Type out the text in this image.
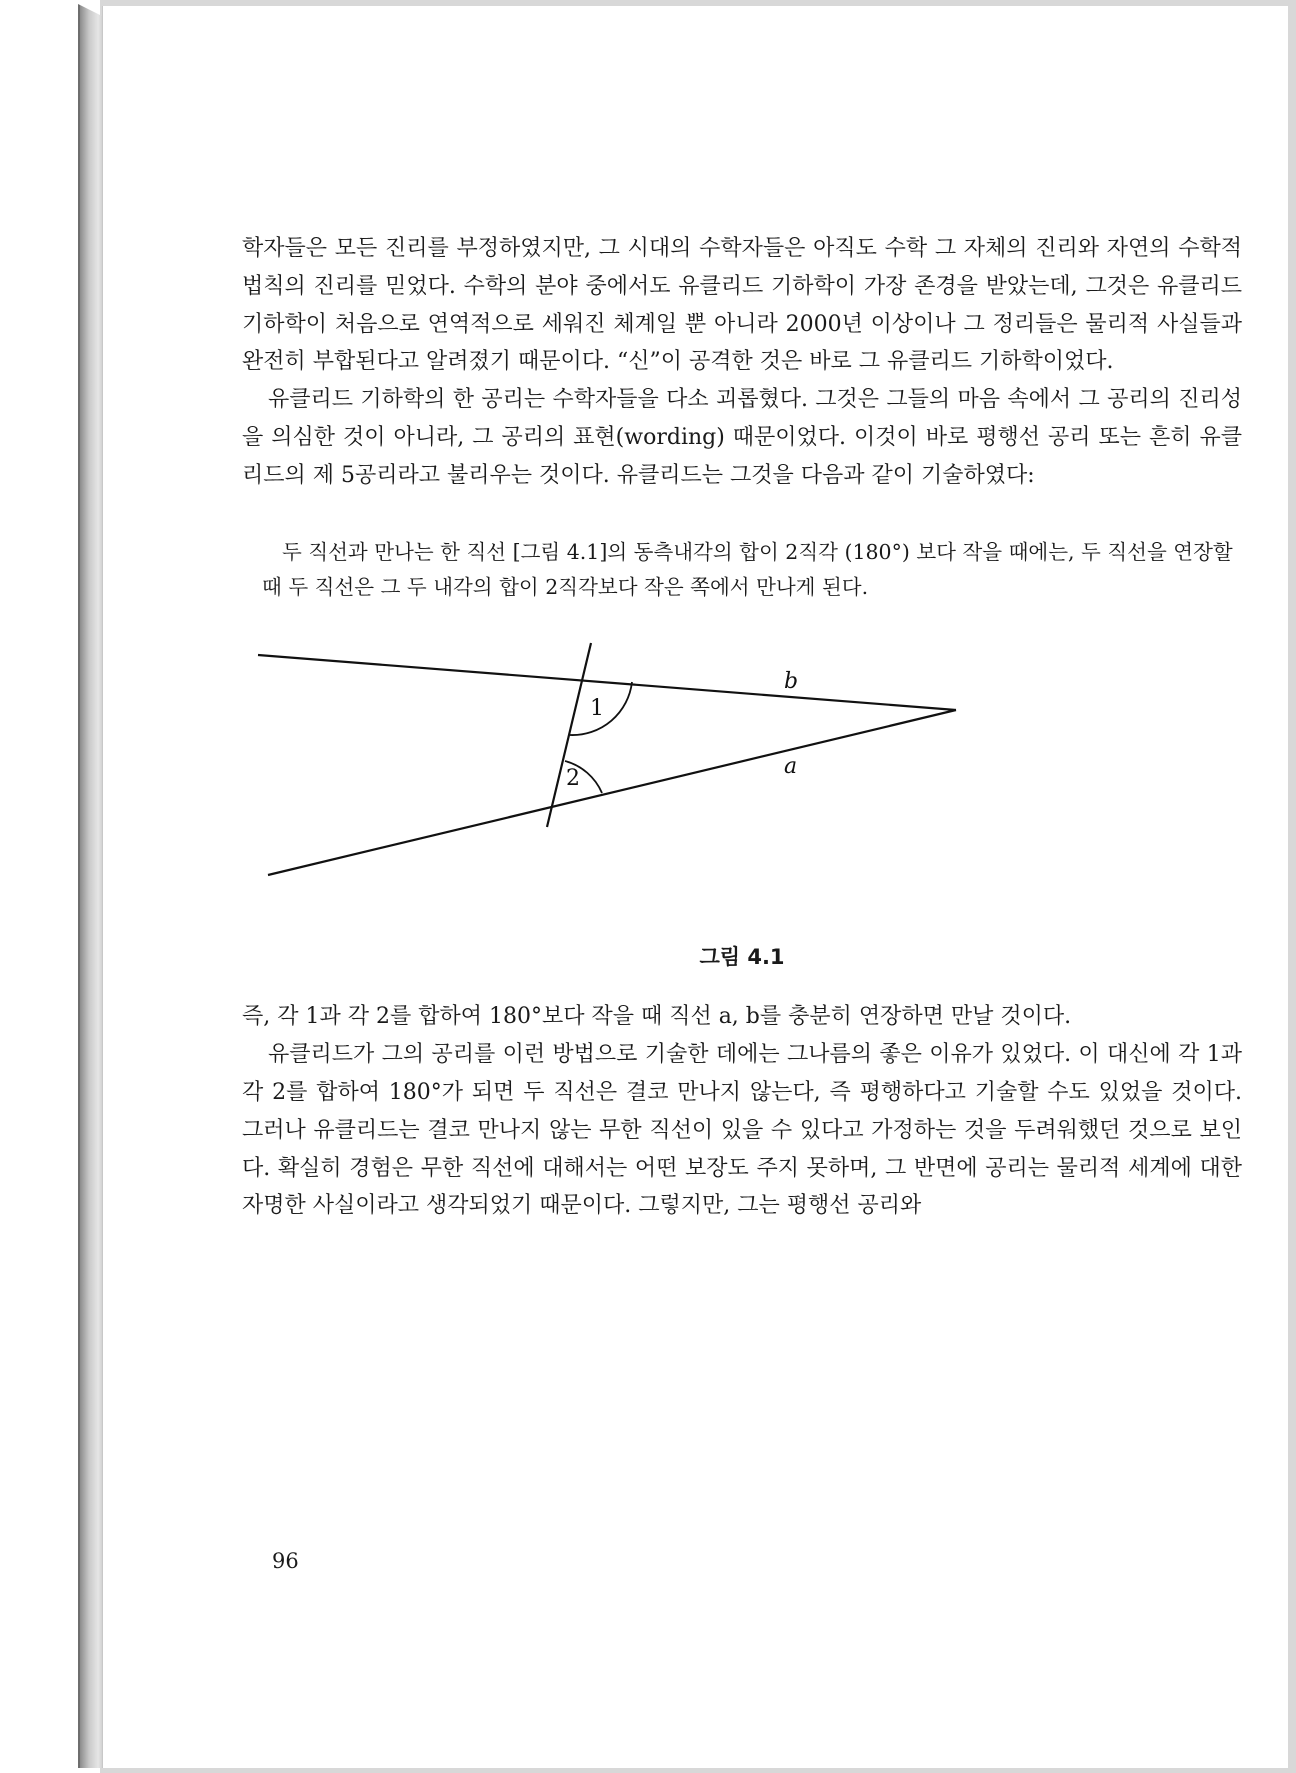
학자들은 모든 진리를 부정하였지만, 그 시대의 수학자들은 아직도 수학 그 자체의 진리와 자연의 수학적 법칙의 진리를 믿었다. 수학의 분야 중에서도 유클리드 기하학이 가장 존경을 받았는데, 그것은 유클리드 기하학이 처음으로 연역적으로 세워진 체계일 뿐 아니라 2000년 이상이나 그 정리들은 물리적 사실들과 완전히 부합된다고 알려졌기 때문이다. “신”이 공격한 것은 바로 그 유클리드 기하학이었다.

유클리드 기하학의 한 공리는 수학자들을 다소 괴롭혔다. 그것은 그들의 마음 속에서 그 공리의 진리성을 의심한 것이 아니라, 그 공리의 표현(wording) 때문이었다. 이것이 바로 평행선 공리 또는 흔히 유클리드의 제 5공리라고 불리우는 것이다. 유클리드는 그것을 다음과 같이 기술하였다:

두 직선과 만나는 한 직선 [그림 4.1]의 동측내각의 합이 2직각 (180°) 보다 작을 때에는, 두 직선을 연장할 때 두 직선은 그 두 내각의 합이 2직각보다 작은 쪽에서 만나게 된다.

1
2
b
a
그림 4.1

즉, 각 1과 각 2를 합하여 180°보다 작을 때 직선 a, b를 충분히 연장하면 만날 것이다.

유클리드가 그의 공리를 이런 방법으로 기술한 데에는 그나름의 좋은 이유가 있었다. 이 대신에 각 1과 각 2를 합하여 180°가 되면 두 직선은 결코 만나지 않는다, 즉 평행하다고 기술할 수도 있었을 것이다. 그러나 유클리드는 결코 만나지 않는 무한 직선이 있을 수 있다고 가정하는 것을 두려워했던 것으로 보인다. 확실히 경험은 무한 직선에 대해서는 어떤 보장도 주지 못하며, 그 반면에 공리는 물리적 세계에 대한 자명한 사실이라고 생각되었기 때문이다. 그렇지만, 그는 평행선 공리와

96
